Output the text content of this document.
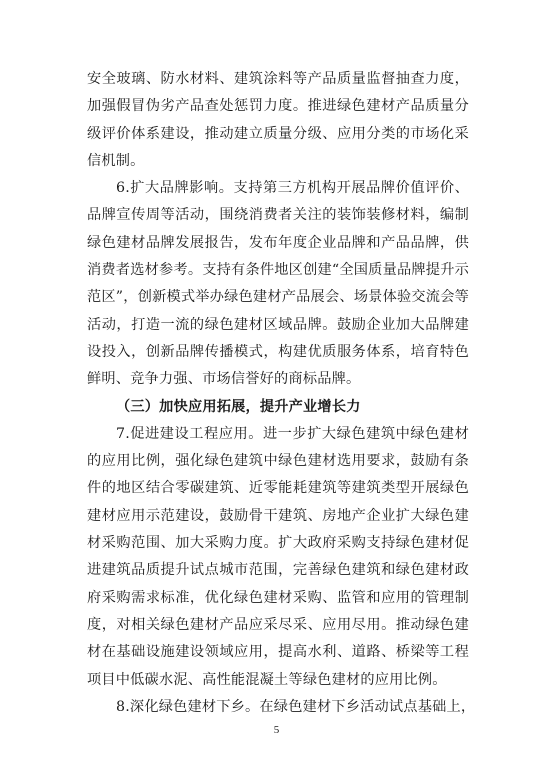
安全玻璃、防水材料、建筑涂料等产品质量监督抽查力度，
加强假冒伪劣产品查处惩罚力度。推进绿色建材产品质量分
级评价体系建设，推动建立质量分级、应用分类的市场化采
信机制。
6.扩大品牌影响。支持第三方机构开展品牌价值评价、
品牌宣传周等活动，围绕消费者关注的装饰装修材料，编制
绿色建材品牌发展报告，发布年度企业品牌和产品品牌，供
消费者选材参考。支持有条件地区创建“全国质量品牌提升示
范区”，创新模式举办绿色建材产品展会、场景体验交流会等
活动，打造一流的绿色建材区域品牌。鼓励企业加大品牌建
设投入，创新品牌传播模式，构建优质服务体系，培育特色
鲜明、竞争力强、市场信誉好的商标品牌。
（三）加快应用拓展，提升产业增长力
7.促进建设工程应用。进一步扩大绿色建筑中绿色建材
的应用比例，强化绿色建筑中绿色建材选用要求，鼓励有条
件的地区结合零碳建筑、近零能耗建筑等建筑类型开展绿色
建材应用示范建设，鼓励骨干建筑、房地产企业扩大绿色建
材采购范围、加大采购力度。扩大政府采购支持绿色建材促
进建筑品质提升试点城市范围，完善绿色建筑和绿色建材政
府采购需求标准，优化绿色建材采购、监管和应用的管理制
度，对相关绿色建材产品应采尽采、应用尽用。推动绿色建
材在基础设施建设领域应用，提高水利、道路、桥梁等工程
项目中低碳水泥、高性能混凝土等绿色建材的应用比例。
8.深化绿色建材下乡。在绿色建材下乡活动试点基础上，
5
